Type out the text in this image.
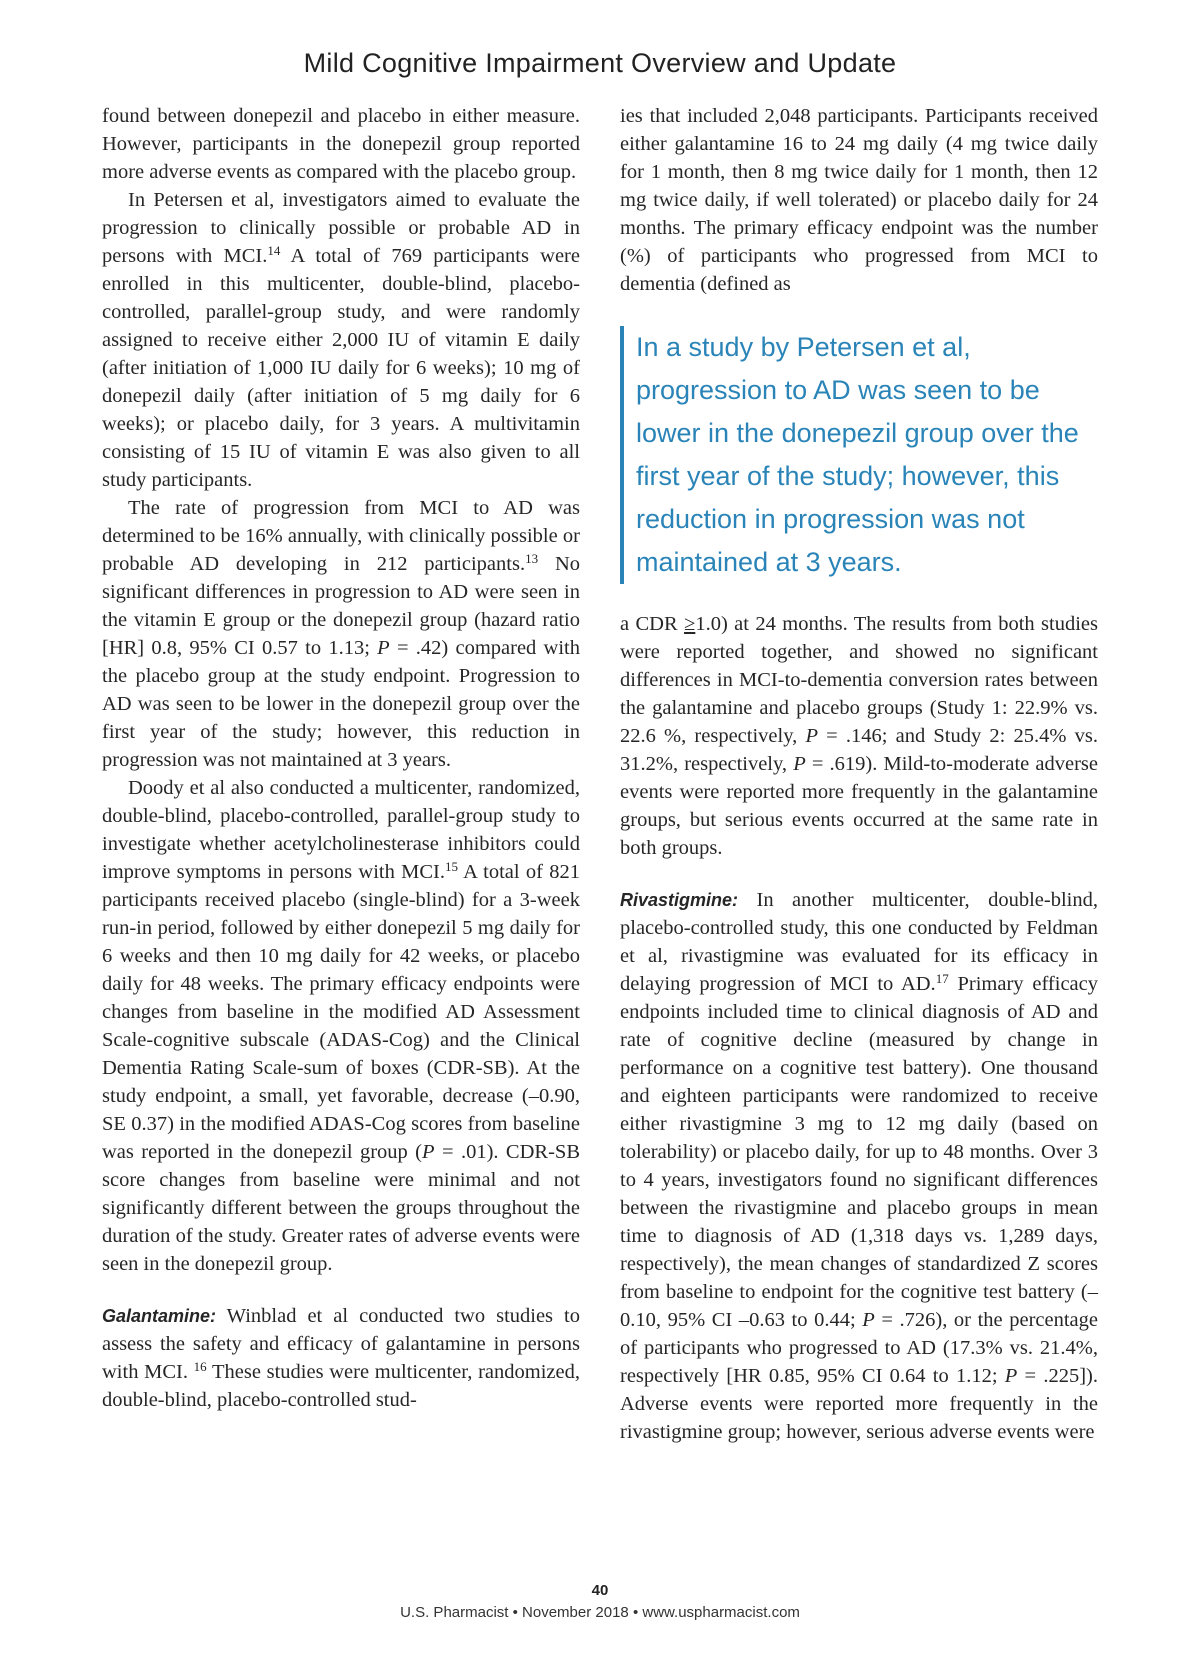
Mild Cognitive Impairment Overview and Update

found between donepezil and placebo in either measure. However, participants in the donepezil group reported more adverse events as compared with the placebo group.

In Petersen et al, investigators aimed to evaluate the progression to clinically possible or probable AD in persons with MCI.$^{14}$ A total of 769 participants were enrolled in this multicenter, double-blind, placebo-controlled, parallel-group study, and were randomly assigned to receive either 2,000 IU of vitamin E daily (after initiation of 1,000 IU daily for 6 weeks); 10 mg of donepezil daily (after initiation of 5 mg daily for 6 weeks); or placebo daily, for 3 years. A multivitamin consisting of 15 IU of vitamin E was also given to all study participants.

The rate of progression from MCI to AD was determined to be 16% annually, with clinically possible or probable AD developing in 212 participants.$^{13}$ No significant differences in progression to AD were seen in the vitamin E group or the donepezil group (hazard ratio [HR] 0.8, 95% CI 0.57 to 1.13; P = .42) compared with the placebo group at the study endpoint. Progression to AD was seen to be lower in the donepezil group over the first year of the study; however, this reduction in progression was not maintained at 3 years.

Doody et al also conducted a multicenter, randomized, double-blind, placebo-controlled, parallel-group study to investigate whether acetylcholinesterase inhibitors could improve symptoms in persons with MCI.$^{15}$ A total of 821 participants received placebo (single-blind) for a 3-week run-in period, followed by either donepezil 5 mg daily for 6 weeks and then 10 mg daily for 42 weeks, or placebo daily for 48 weeks. The primary efficacy endpoints were changes from baseline in the modified AD Assessment Scale-cognitive subscale (ADAS-Cog) and the Clinical Dementia Rating Scale-sum of boxes (CDR-SB). At the study endpoint, a small, yet favorable, decrease (–0.90, SE 0.37) in the modified ADAS-Cog scores from baseline was reported in the donepezil group (P = .01). CDR-SB score changes from baseline were minimal and not significantly different between the groups throughout the duration of the study. Greater rates of adverse events were seen in the donepezil group.

Galantamine: Winblad et al conducted two studies to assess the safety and efficacy of galantamine in persons with MCI. $^{16}$ These studies were multicenter, randomized, double-blind, placebo-controlled stud-

ies that included 2,048 participants. Participants received either galantamine 16 to 24 mg daily (4 mg twice daily for 1 month, then 8 mg twice daily for 1 month, then 12 mg twice daily, if well tolerated) or placebo daily for 24 months. The primary efficacy endpoint was the number (%) of participants who progressed from MCI to dementia (defined as

In a study by Petersen et al, progression to AD was seen to be lower in the donepezil group over the first year of the study; however, this reduction in progression was not maintained at 3 years.

a CDR ≥1.0) at 24 months. The results from both studies were reported together, and showed no significant differences in MCI-to-dementia conversion rates between the galantamine and placebo groups (Study 1: 22.9% vs. 22.6 %, respectively, P = .146; and Study 2: 25.4% vs. 31.2%, respectively, P = .619). Mild-to-moderate adverse events were reported more frequently in the galantamine groups, but serious events occurred at the same rate in both groups.

Rivastigmine: In another multicenter, double-blind, placebo-controlled study, this one conducted by Feldman et al, rivastigmine was evaluated for its efficacy in delaying progression of MCI to AD.$^{17}$ Primary efficacy endpoints included time to clinical diagnosis of AD and rate of cognitive decline (measured by change in performance on a cognitive test battery). One thousand and eighteen participants were randomized to receive either rivastigmine 3 mg to 12 mg daily (based on tolerability) or placebo daily, for up to 48 months. Over 3 to 4 years, investigators found no significant differences between the rivastigmine and placebo groups in mean time to diagnosis of AD (1,318 days vs. 1,289 days, respectively), the mean changes of standardized Z scores from baseline to endpoint for the cognitive test battery (–0.10, 95% CI –0.63 to 0.44; P = .726), or the percentage of participants who progressed to AD (17.3% vs. 21.4%, respectively [HR 0.85, 95% CI 0.64 to 1.12; P = .225]). Adverse events were reported more frequently in the rivastigmine group; however, serious adverse events were

40
U.S. Pharmacist • November 2018 • www.uspharmacist.com
